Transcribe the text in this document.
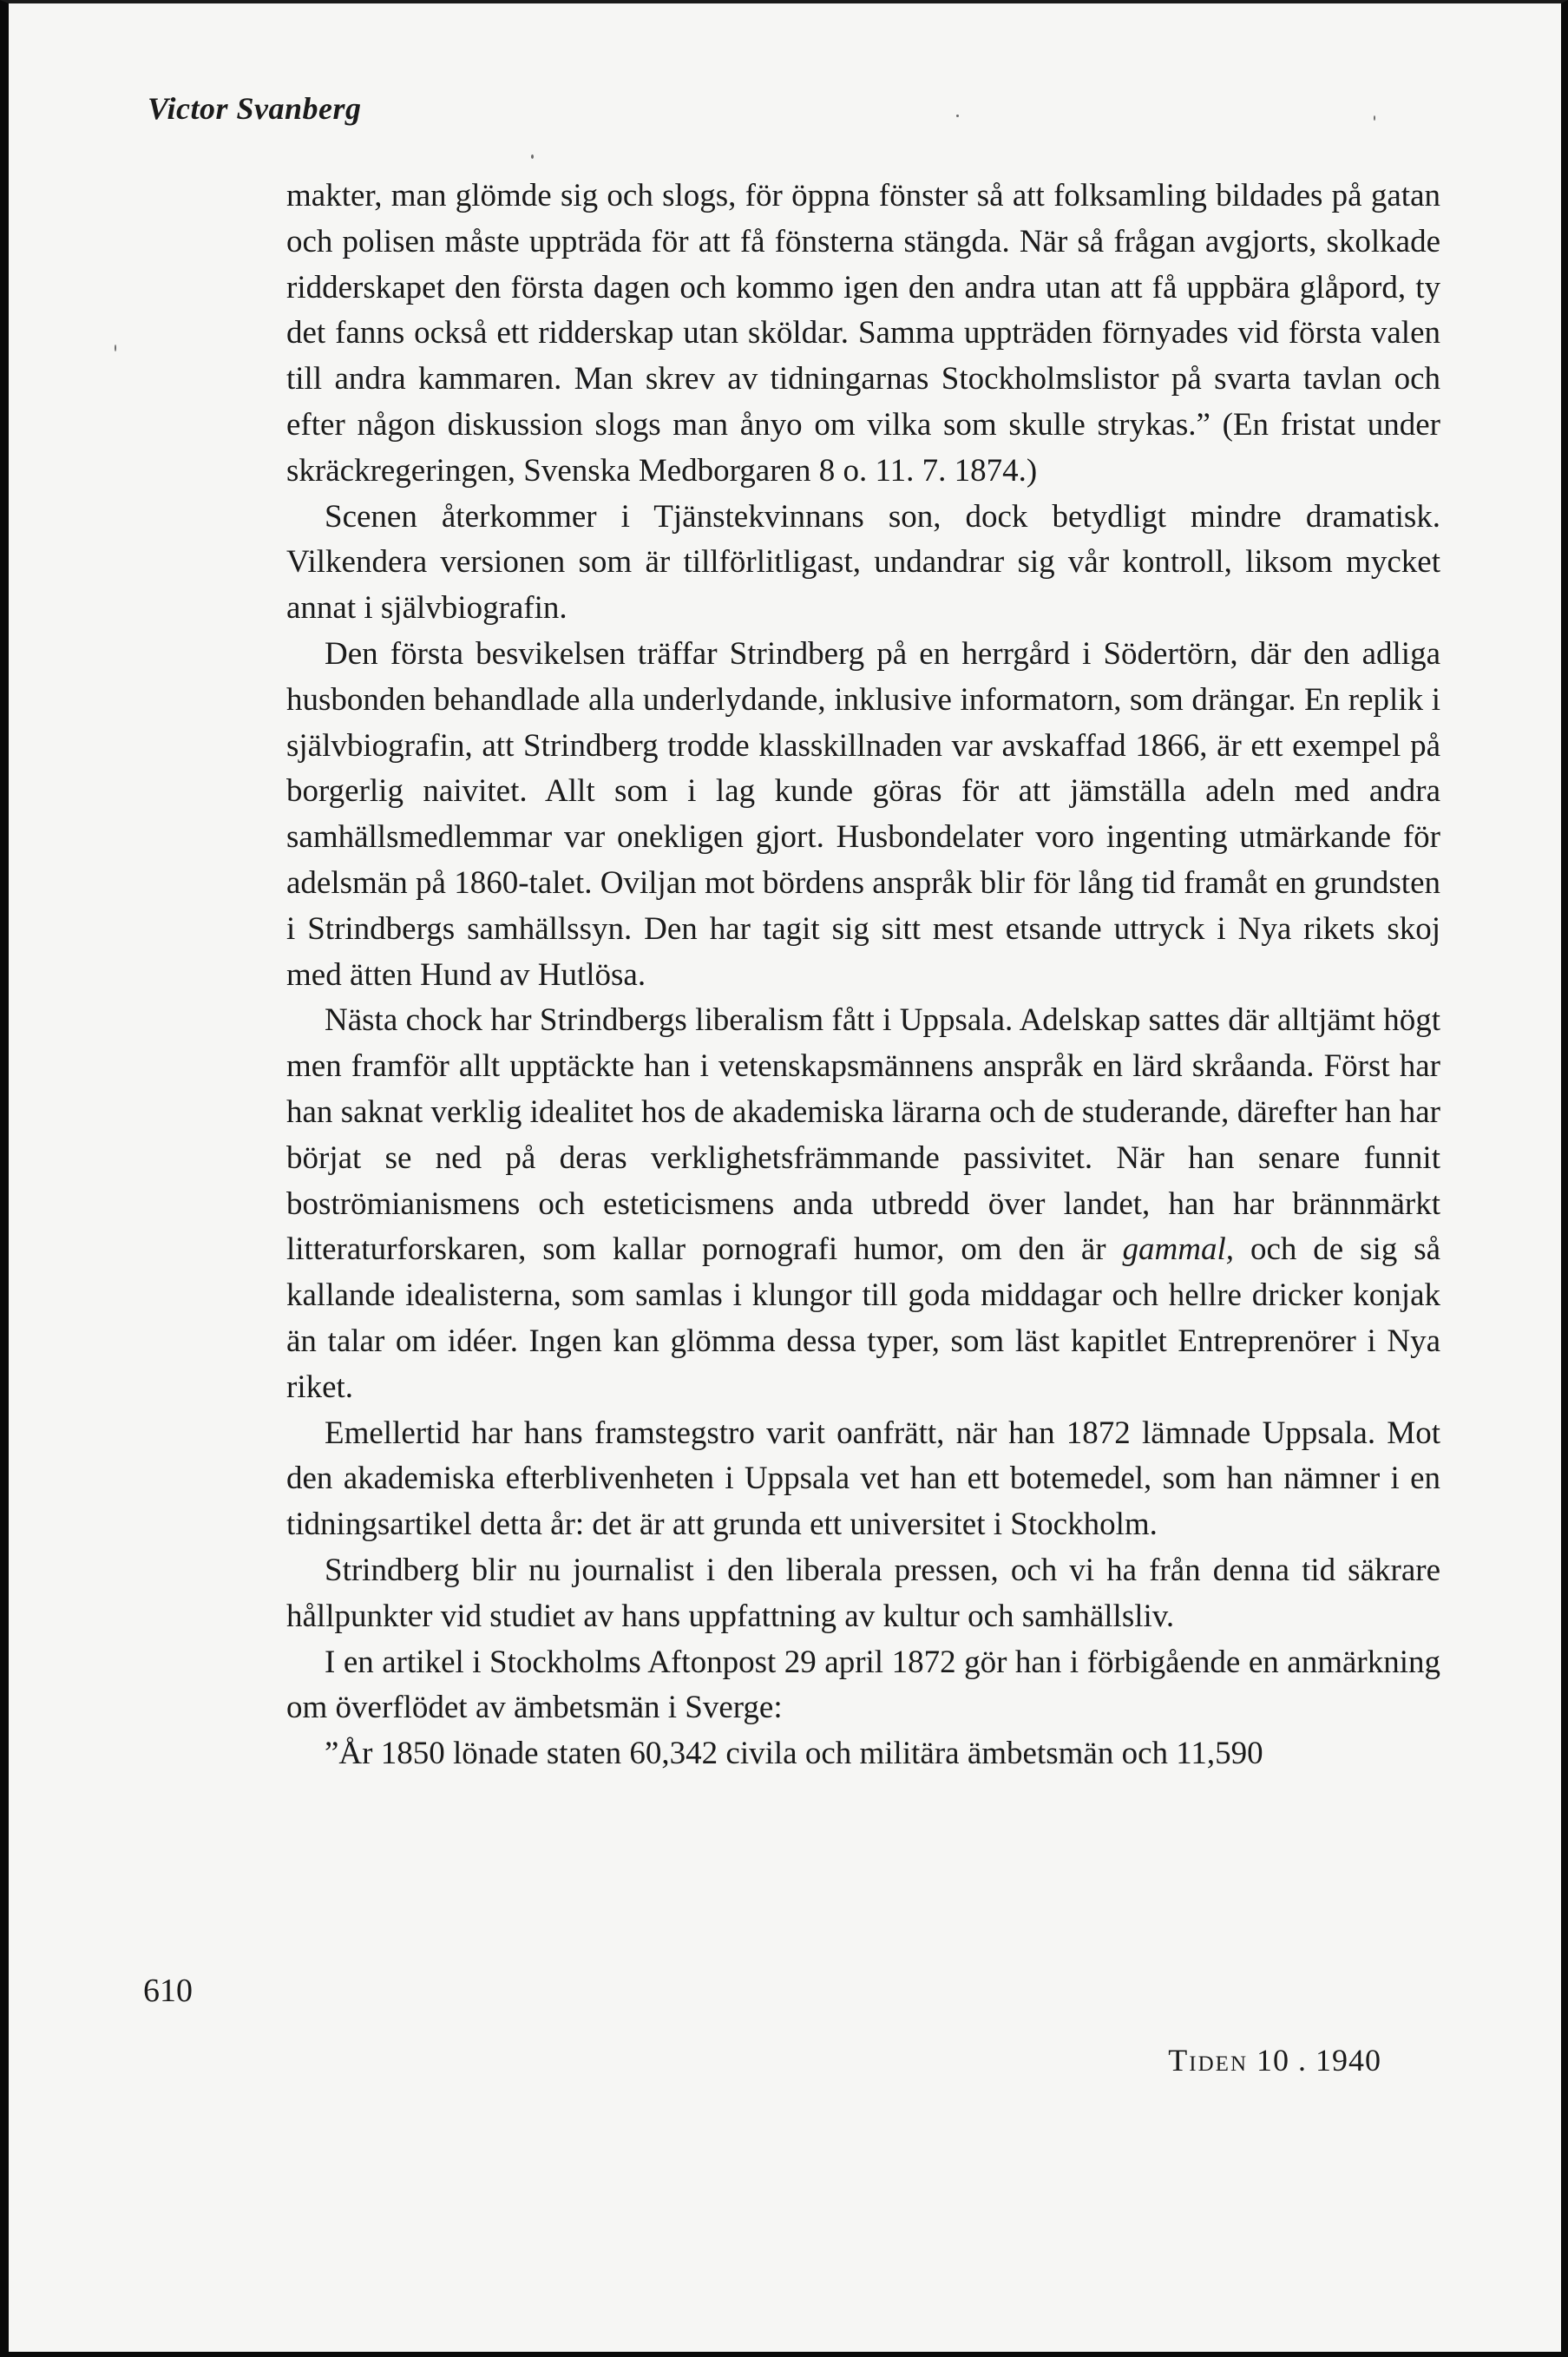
Victor Svanberg

makter, man glömde sig och slogs, för öppna fönster så att folksamling bildades på gatan och polisen måste uppträda för att få fönsterna stängda. När så frågan avgjorts, skolkade ridderskapet den första dagen och kommo igen den andra utan att få uppbära glåpord, ty det fanns också ett ridderskap utan sköldar. Samma uppträden förnyades vid första valen till andra kammaren. Man skrev av tidningarnas Stockholmslistor på svarta tavlan och efter någon diskussion slogs man ånyo om vilka som skulle strykas.” (En fristat under skräckregeringen, Svenska Medborgaren 8 o. 11. 7. 1874.)

Scenen återkommer i Tjänstekvinnans son, dock betydligt mindre dramatisk. Vilkendera versionen som är tillförlitligast, undandrar sig vår kontroll, liksom mycket annat i självbiografin.

Den första besvikelsen träffar Strindberg på en herrgård i Södertörn, där den adliga husbonden behandlade alla underlydande, inklusive informatorn, som drängar. En replik i självbiografin, att Strindberg trodde klasskillnaden var avskaffad 1866, är ett exempel på borgerlig naivitet. Allt som i lag kunde göras för att jämställa adeln med andra samhällsmedlemmar var onekligen gjort. Husbondelater voro ingenting utmärkande för adelsmän på 1860-talet. Oviljan mot bördens anspråk blir för lång tid framåt en grundsten i Strindbergs samhällssyn. Den har tagit sig sitt mest etsande uttryck i Nya rikets skoj med ätten Hund av Hutlösa.

Nästa chock har Strindbergs liberalism fått i Uppsala. Adelskap sattes där alltjämt högt men framför allt upptäckte han i vetenskapsmännens anspråk en lärd skråanda. Först har han saknat verklig idealitet hos de akademiska lärarna och de studerande, därefter han har börjat se ned på deras verklighetsfrämmande passivitet. När han senare funnit boströmianismens och esteticismens anda utbredd över landet, han har brännmärkt litteraturforskaren, som kallar pornografi humor, om den är gammal, och de sig så kallande idealisterna, som samlas i klungor till goda middagar och hellre dricker konjak än talar om idéer. Ingen kan glömma dessa typer, som läst kapitlet Entreprenörer i Nya riket.

Emellertid har hans framstegstro varit oanfrätt, när han 1872 lämnade Uppsala. Mot den akademiska efterblivenheten i Uppsala vet han ett botemedel, som han nämner i en tidningsartikel detta år: det är att grunda ett universitet i Stockholm.

Strindberg blir nu journalist i den liberala pressen, och vi ha från denna tid säkrare hållpunkter vid studiet av hans uppfattning av kultur och samhällsliv.

I en artikel i Stockholms Aftonpost 29 april 1872 gör han i förbigående en anmärkning om överflödet av ämbetsmän i Sverge:

”År 1850 lönade staten 60,342 civila och militära ämbetsmän och 11,590

610
Tiden 10 . 1940
